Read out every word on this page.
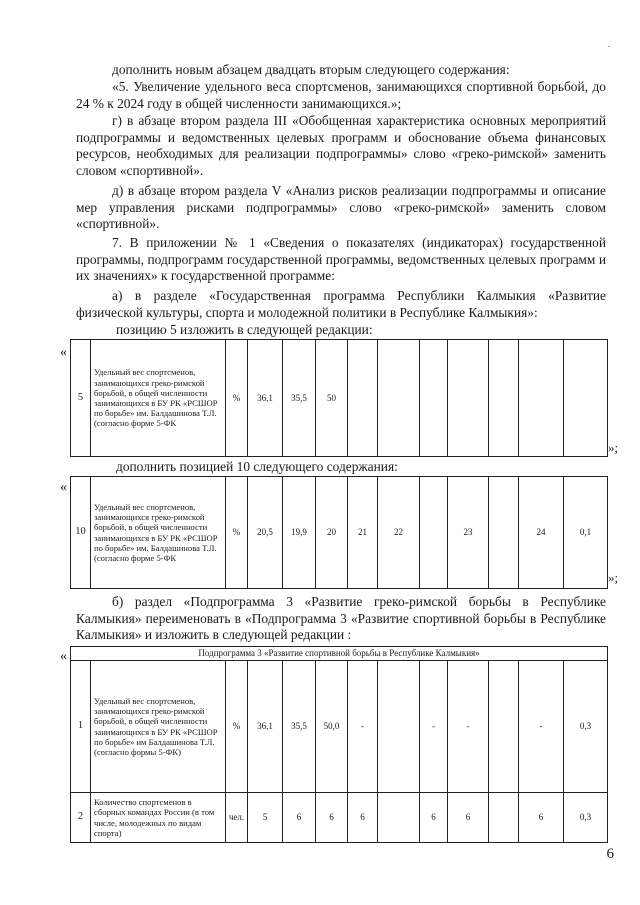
.

дополнить новым абзацем двадцать вторым следующего содержания:

«5. Увеличение удельного веса спортсменов, занимающихся спортивной борьбой, до 24 % к 2024 году в общей численности занимающихся.»;

г) в абзаце втором раздела III «Обобщенная характеристика основных мероприятий подпрограммы и ведомственных целевых программ и обоснование объема финансовых ресурсов, необходимых для реализации подпрограммы» слово «греко-римской» заменить словом «спортивной».

д) в абзаце втором раздела V «Анализ рисков реализации подпрограммы и описание мер управления рисками подпрограммы» слово «греко-римской» заменить словом «спортивной».

7. В приложении № 1 «Сведения о показателях (индикаторах) государственной программы, подпрограмм государственной программы, ведомственных целевых программ и их значениях» к государственной программе:

а) в разделе «Государственная программа Республики Калмыкия «Развитие физической культуры, спорта и молодежной политики в Республике Калмыкия»:

позицию 5 изложить в следующей редакции:

«
5	Удельный вес спортсменов, занимающихся греко-римской борьбой, в общей численности занимающихся в БУ РК «РСШОР по борьбе» им. Балдашинова Т.Л. (согласно форме 5-ФК	%	36,1	35,5	50							
»;

дополнить позицией 10 следующего содержания:

«
10	Удельный вес спортсменов, занимающихся греко-римской борьбой, в общей численности занимающихся в БУ РК «РСШОР по борьбе» им. Балдашинова Т.Л. (согласно форме 5-ФК	%	20,5	19,9	20	21	22		23		24	0,1
»;

б) раздел «Подпрограмма 3 «Развитие греко-римской борьбы в Республике Калмыкия» переименовать в «Подпрограмма 3 «Развитие спортивной борьбы в Республике Калмыкия» и изложить в следующей редакции :

«	Подпрограмма 3 «Развитие спортивной борьбы в Республике Калмыкия»												
1	Удельный вес спортсменов, занимающихся греко-римской борьбой, в общей численности занимающихся в БУ РК «РСШОР по борьбе» им Балдашинова Т.Л.(согласно формы 5-ФК)	%	36,1	35,5	50,0	-		-	-		-	0,3
2	Количество спортсменов в сборных командах России (в том числе, молодежных по видам спорта)	чел.	5	6	6	6		6	6		6	0,3
6
